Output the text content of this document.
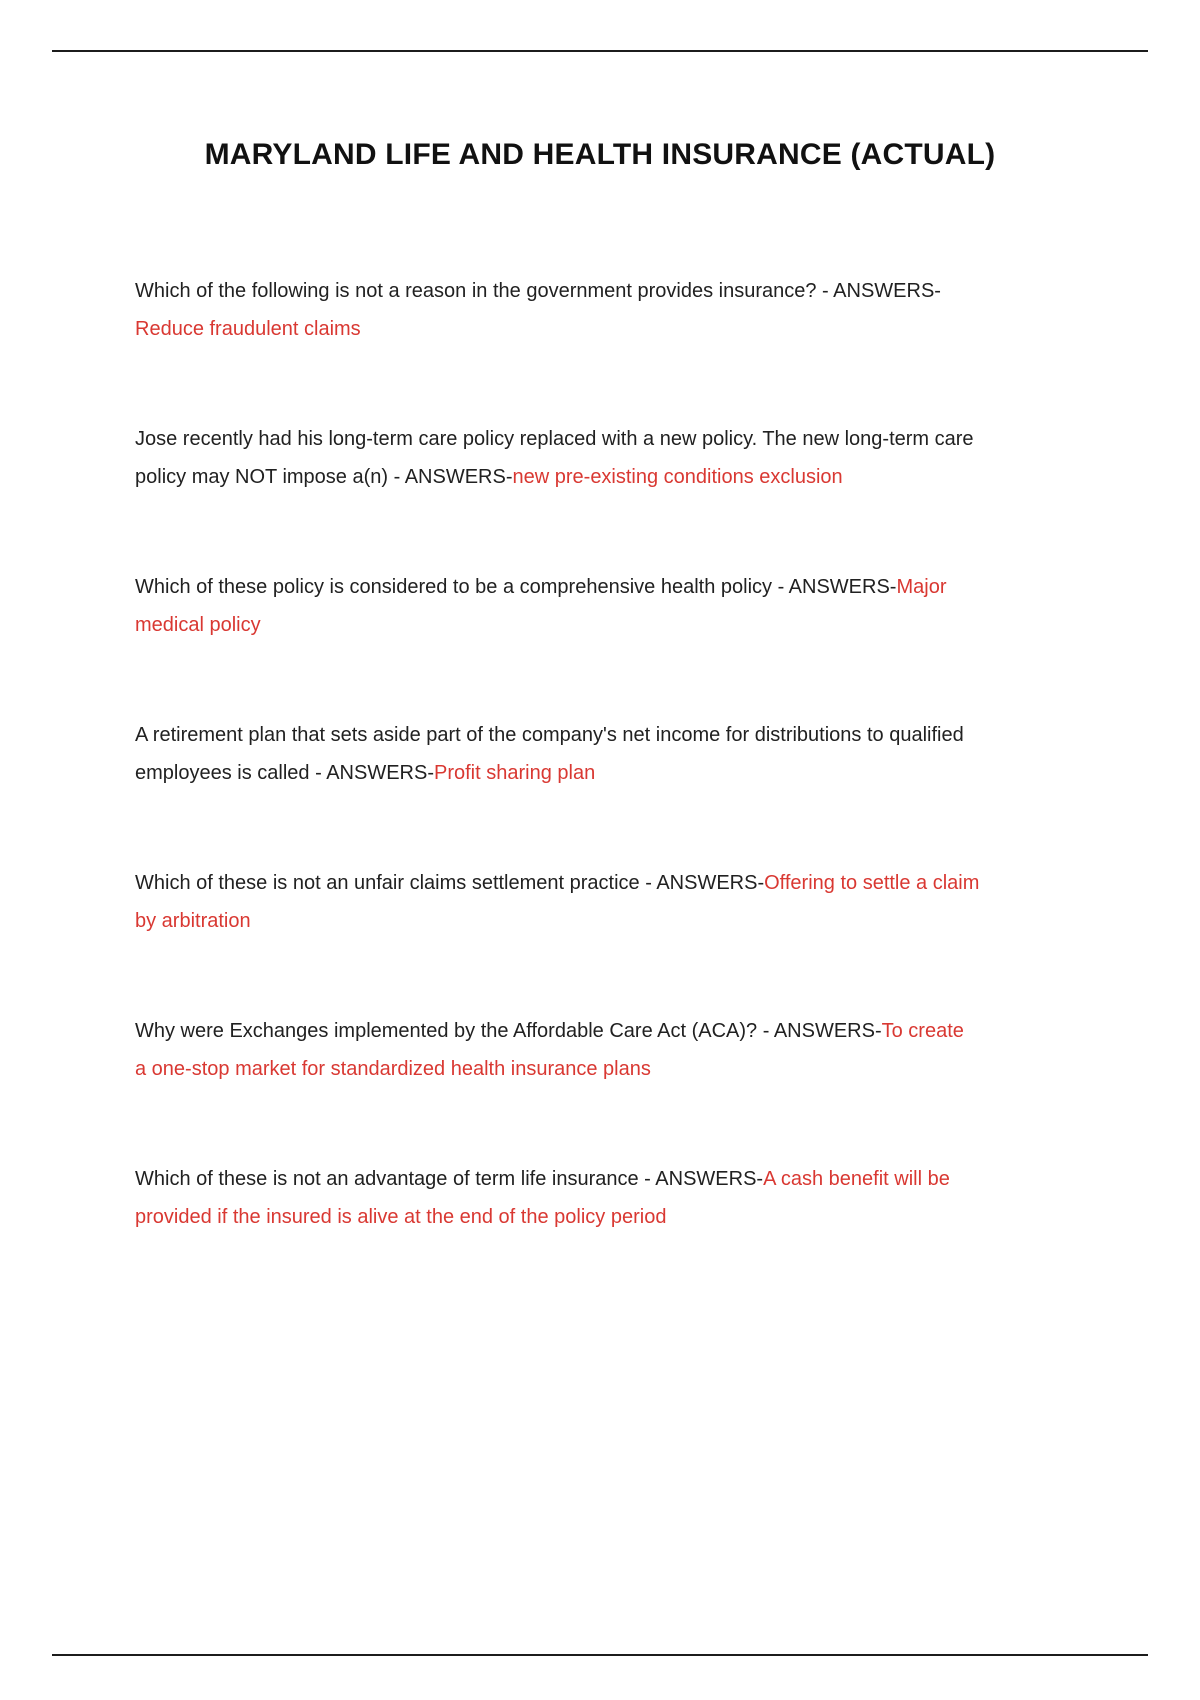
MARYLAND LIFE AND HEALTH INSURANCE (ACTUAL)

Which of the following is not a reason in the government provides insurance? - ANSWERS-Reduce fraudulent claims

Jose recently had his long-term care policy replaced with a new policy. The new long-term care policy may NOT impose a(n) - ANSWERS-new pre-existing conditions exclusion

Which of these policy is considered to be a comprehensive health policy - ANSWERS-Major medical policy

A retirement plan that sets aside part of the company's net income for distributions to qualified employees is called - ANSWERS-Profit sharing plan

Which of these is not an unfair claims settlement practice - ANSWERS-Offering to settle a claim by arbitration

Why were Exchanges implemented by the Affordable Care Act (ACA)? - ANSWERS-To create a one-stop market for standardized health insurance plans

Which of these is not an advantage of term life insurance - ANSWERS-A cash benefit will be provided if the insured is alive at the end of the policy period
